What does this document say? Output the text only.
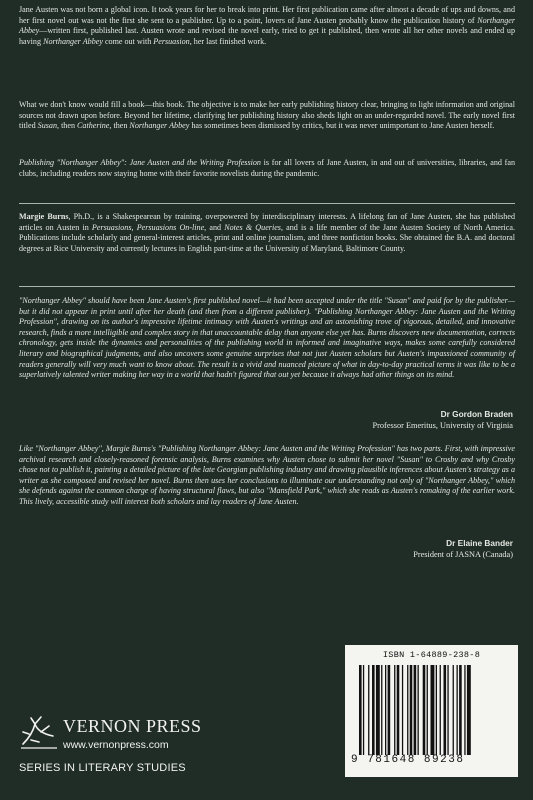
Jane Austen was not born a global icon. It took years for her to break into print. Her first publication came after almost a decade of ups and downs, and her first novel out was not the first she sent to a publisher. Up to a point, lovers of Jane Austen probably know the publication history of Northanger Abbey—written first, published last. Austen wrote and revised the novel early, tried to get it published, then wrote all her other novels and ended up having Northanger Abbey come out with Persuasion, her last finished work.

What we don't know would fill a book—this book. The objective is to make her early publishing history clear, bringing to light information and original sources not drawn upon before. Beyond her lifetime, clarifying her publishing history also sheds light on an under-regarded novel. The early novel first titled Susan, then Catherine, then Northanger Abbey has sometimes been dismissed by critics, but it was never unimportant to Jane Austen herself.

Publishing "Northanger Abbey": Jane Austen and the Writing Profession is for all lovers of Jane Austen, in and out of universities, libraries, and fan clubs, including readers now staying home with their favorite novelists during the pandemic.

Margie Burns, Ph.D., is a Shakespearean by training, overpowered by interdisciplinary interests. A lifelong fan of Jane Austen, she has published articles on Austen in Persuasions, Persuasions On-line, and Notes & Queries, and is a life member of the Jane Austen Society of North America. Publications include scholarly and general-interest articles, print and online journalism, and three nonfiction books. She obtained the B.A. and doctoral degrees at Rice University and currently lectures in English part-time at the University of Maryland, Baltimore County.

"Northanger Abbey" should have been Jane Austen's first published novel—it had been accepted under the title "Susan" and paid for by the publisher—but it did not appear in print until after her death (and then from a different publisher). "Publishing Northanger Abbey: Jane Austen and the Writing Profession", drawing on its author's impressive lifetime intimacy with Austen's writings and an astonishing trove of vigorous, detailed, and innovative research, finds a more intelligible and complex story in that unaccountable delay than anyone else yet has. Burns discovers new documentation, corrects chronology, gets inside the dynamics and personalities of the publishing world in informed and imaginative ways, makes some carefully considered literary and biographical judgments, and also uncovers some genuine surprises that not just Austen scholars but Austen's impassioned community of readers generally will very much want to know about. The result is a vivid and nuanced picture of what in day-to-day practical terms it was like to be a superlatively talented writer making her way in a world that hadn't figured that out yet because it always had other things on its mind.

Dr Gordon Braden
Professor Emeritus, University of Virginia

Like "Northanger Abbey", Margie Burns's "Publishing Northanger Abbey: Jane Austen and the Writing Profession" has two parts. First, with impressive archival research and closely-reasoned forensic analysis, Burns examines why Austen chose to submit her novel "Susan" to Crosby and why Crosby chose not to publish it, painting a detailed picture of the late Georgian publishing industry and drawing plausible inferences about Austen's strategy as a writer as she composed and revised her novel. Burns then uses her conclusions to illuminate our understanding not only of "Northanger Abbey," which she defends against the common charge of having structural flaws, but also "Mansfield Park," which she reads as Austen's remaking of the earlier work. This lively, accessible study will interest both scholars and lay readers of Jane Austen.

Dr Elaine Bander
President of JASNA (Canada)
ISBN 1-64889-238-8
9 781648 89238
VERNON PRESS
www.vernonpress.com
SERIES IN LITERARY STUDIES
